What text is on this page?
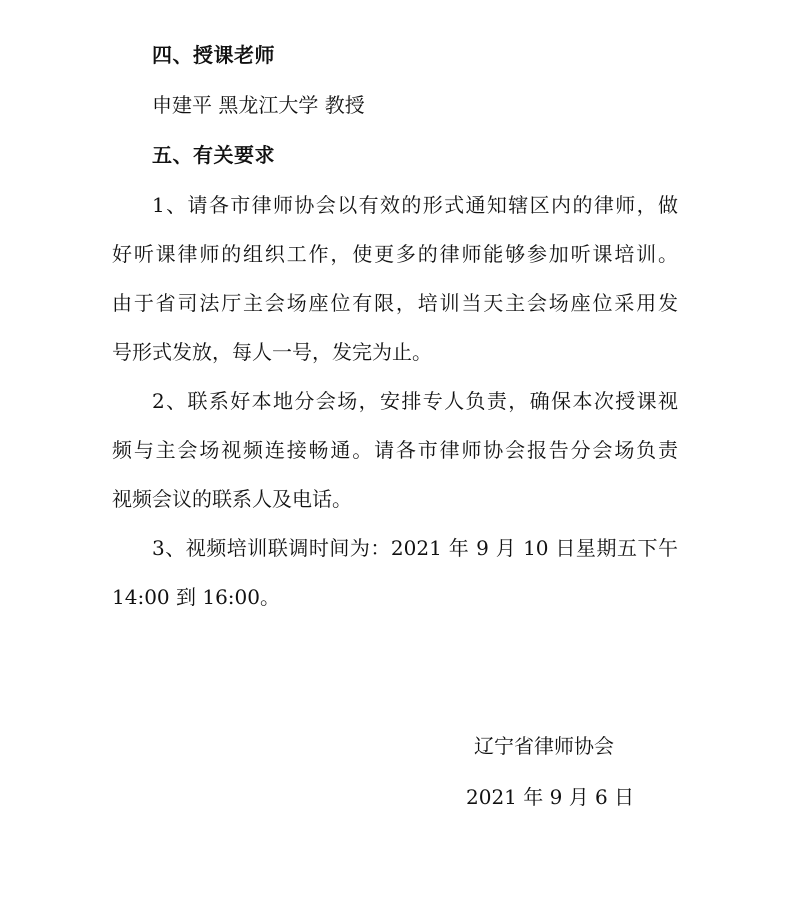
四、授课老师
申建平 黑龙江大学 教授
五、有关要求
1、请各市律师协会以有效的形式通知辖区内的律师，做
好听课律师的组织工作，使更多的律师能够参加听课培训。
由于省司法厅主会场座位有限，培训当天主会场座位采用发
号形式发放，每人一号，发完为止。
2、联系好本地分会场，安排专人负责，确保本次授课视
频与主会场视频连接畅通。请各市律师协会报告分会场负责
视频会议的联系人及电话。
3、视频培训联调时间为：2021 年 9 月 10 日星期五下午
14:00 到 16:00。
辽宁省律师协会
2021 年 9 月 6 日
